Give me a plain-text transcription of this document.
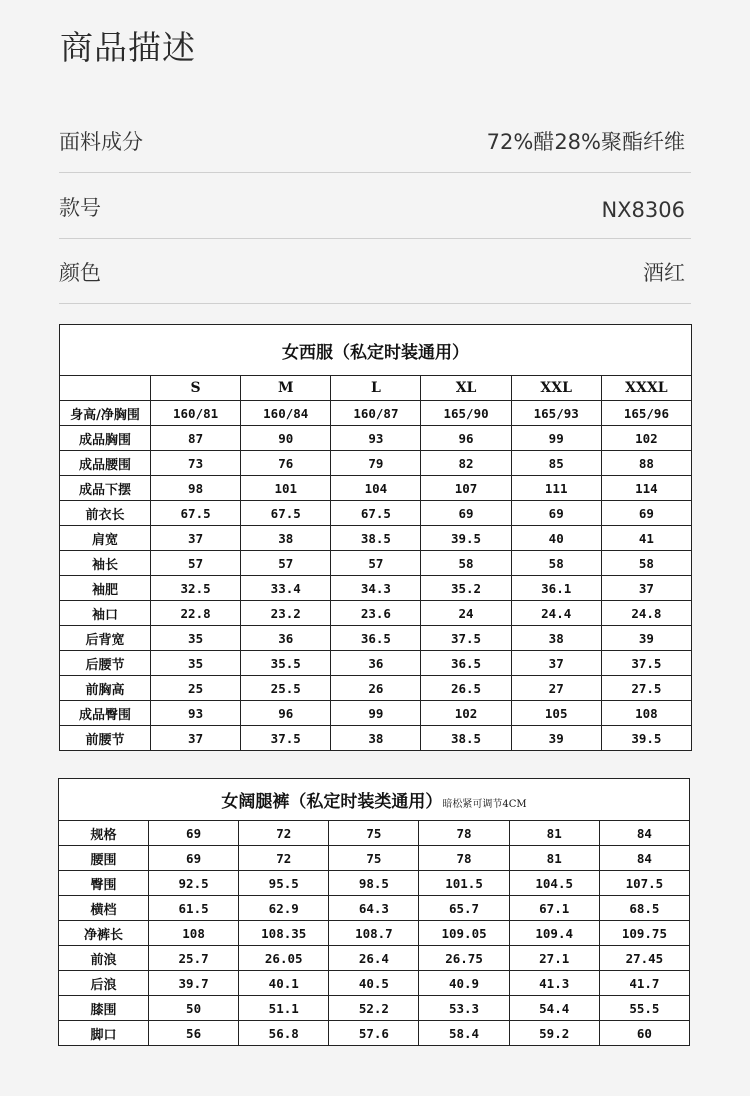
商品描述
面料成分	72%醋28%聚酯纤维
款号	NX8306
颜色	酒红
女西服（私定时装通用）						
	S	M	L	XL	XXL	XXXL
身高/净胸围	160/81	160/84	160/87	165/90	165/93	165/96
成品胸围	87	90	93	96	99	102
成品腰围	73	76	79	82	85	88
成品下摆	98	101	104	107	111	114
前衣长	67.5	67.5	67.5	69	69	69
肩宽	37	38	38.5	39.5	40	41
袖长	57	57	57	58	58	58
袖肥	32.5	33.4	34.3	35.2	36.1	37
袖口	22.8	23.2	23.6	24	24.4	24.8
后背宽	35	36	36.5	37.5	38	39
后腰节	35	35.5	36	36.5	37	37.5
前胸高	25	25.5	26	26.5	27	27.5
成品臀围	93	96	99	102	105	108
前腰节	37	37.5	38	38.5	39	39.5
女阔腿裤（私定时装类通用）暗松紧可调节4CM						
规格	69	72	75	78	81	84
腰围	69	72	75	78	81	84
臀围	92.5	95.5	98.5	101.5	104.5	107.5
横档	61.5	62.9	64.3	65.7	67.1	68.5
净裤长	108	108.35	108.7	109.05	109.4	109.75
前浪	25.7	26.05	26.4	26.75	27.1	27.45
后浪	39.7	40.1	40.5	40.9	41.3	41.7
膝围	50	51.1	52.2	53.3	54.4	55.5
脚口	56	56.8	57.6	58.4	59.2	60
